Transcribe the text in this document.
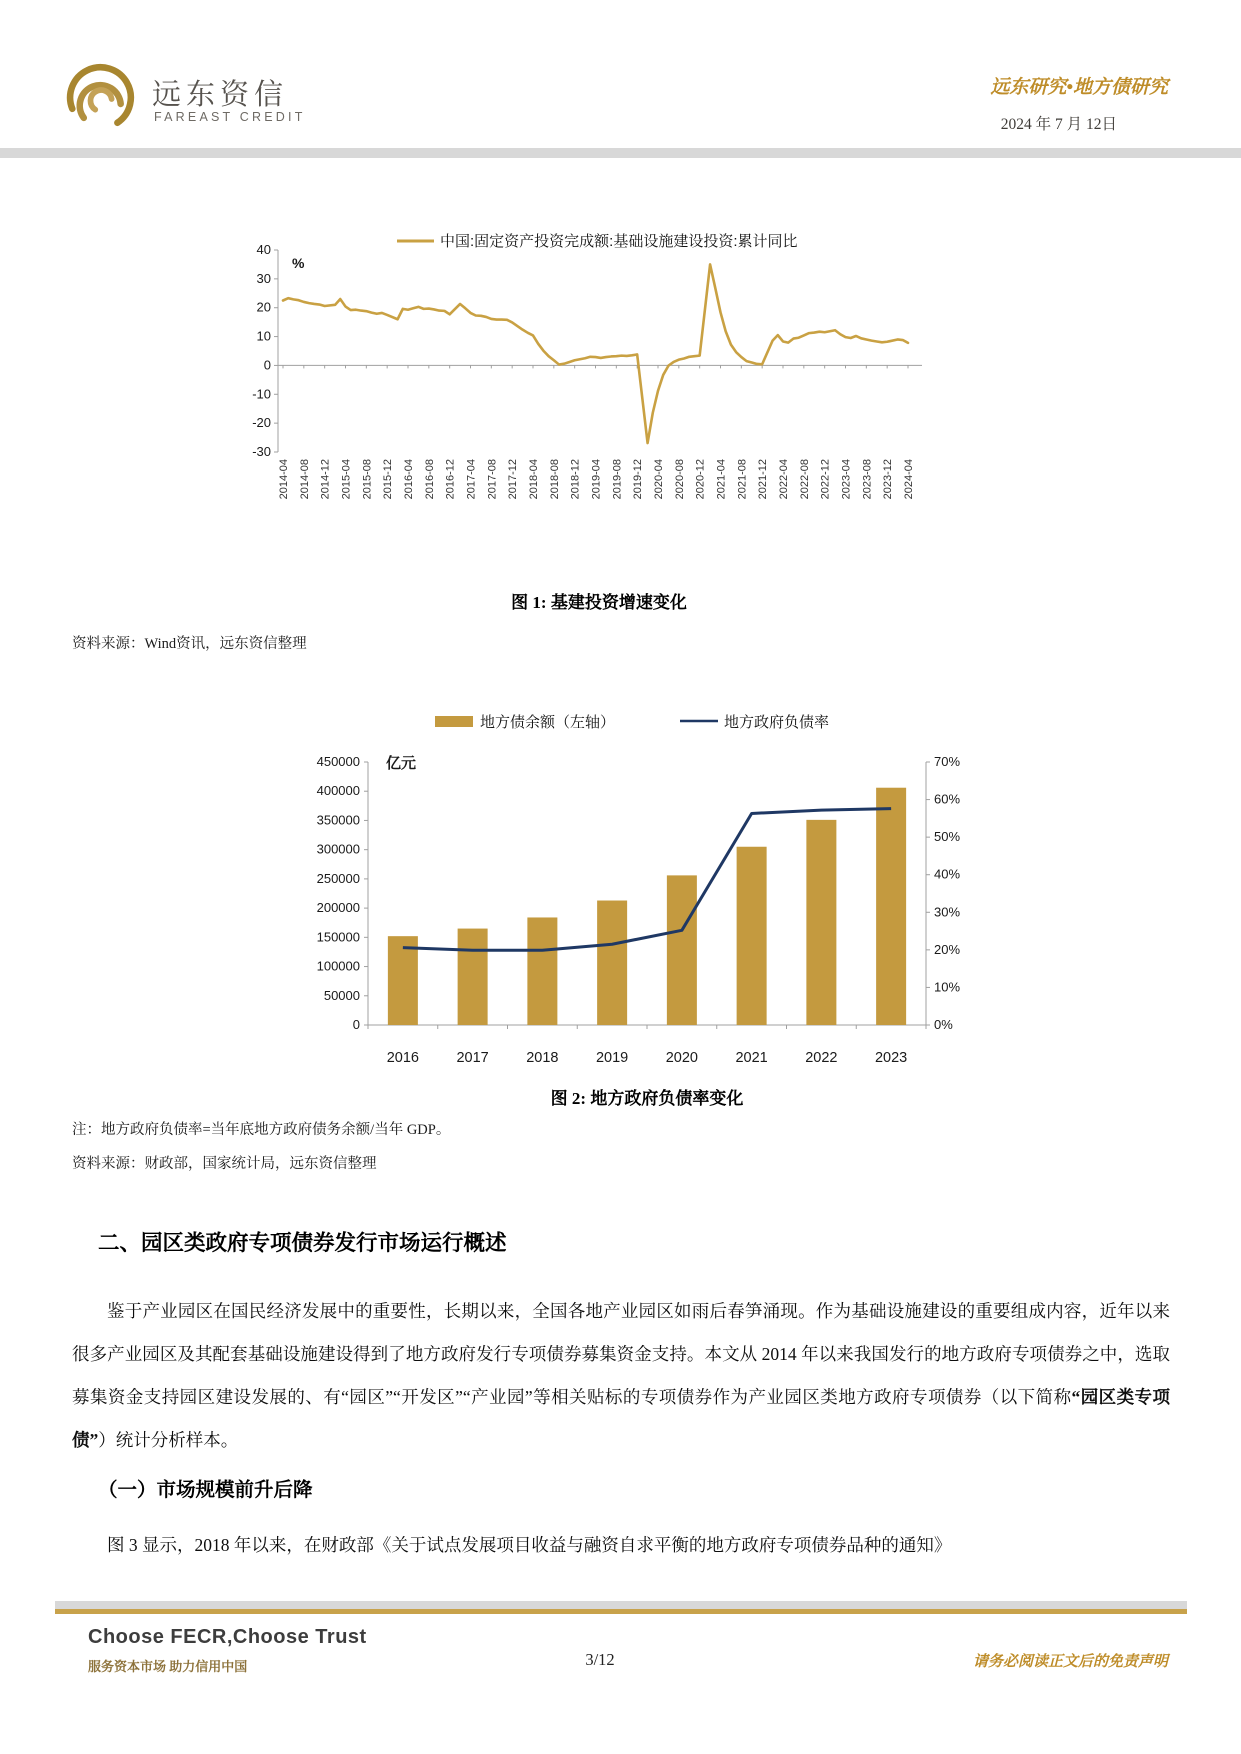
远东资信
FAREAST CREDIT
远东研究•地方债研究
2024 年 7 月 12日
中国:固定资产投资完成额:基础设施建设投资:累计同比
40
30
20
10
0
-10
-20
-30
%
2014-04 2014-08 2014-12 2015-04 2015-08 2015-12 2016-04 2016-08 2016-12 2017-04 2017-08 2017-12 2018-04 2018-08 2018-12 2019-04 2019-08 2019-12 2020-04 2020-08 2020-12 2021-04 2021-08 2021-12 2022-04 2022-08 2022-12 2023-04 2023-08 2023-12 2024-04
图 1: 基建投资增速变化
资料来源：Wind资讯，远东资信整理
地方债余额（左轴）	地方政府负债率
0
50000
100000
150000
200000
250000
300000
350000
400000
450000
0%
10%
20%
30%
40%
50%
60%
70%
亿元
2016	2017	2018	2019	2020	2021	2022	2023
图 2: 地方政府负债率变化
注：地方政府负债率=当年底地方政府债务余额/当年 GDP。
资料来源：财政部，国家统计局，远东资信整理
二、园区类政府专项债券发行市场运行概述
鉴于产业园区在国民经济发展中的重要性，长期以来，全国各地产业园区如雨后春笋涌现。作为基础设施建设的重要组成内容，近年以来很多产业园区及其配套基础设施建设得到了地方政府发行专项债券募集资金支持。本文从 2014 年以来我国发行的地方政府专项债券之中，选取募集资金支持园区建设发展的、有“园区”“开发区”“产业园”等相关贴标的专项债券作为产业园区类地方政府专项债券（以下简称“园区类专项债”）统计分析样本。
（一）市场规模前升后降
图 3 显示，2018 年以来，在财政部《关于试点发展项目收益与融资自求平衡的地方政府专项债券品种的通知》
Choose FECR,Choose Trust
服务资本市场 助力信用中国	3/12	请务必阅读正文后的免责声明
